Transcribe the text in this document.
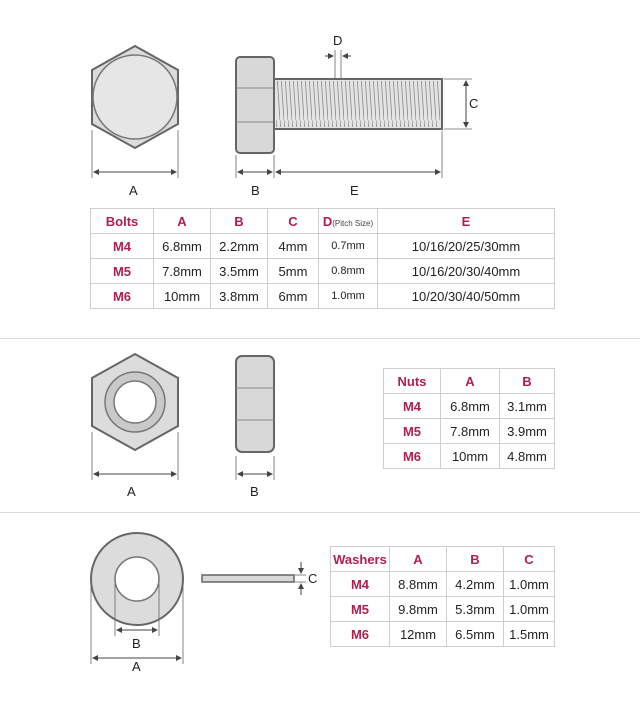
A	B	E
C
D
Bolts	A	B	C	D(Pitch Size)	E
M4	6.8mm	2.2mm	4mm	0.7mm	10/16/20/25/30mm
M5	7.8mm	3.5mm	5mm	0.8mm	10/16/20/30/40mm
M6	10mm	3.8mm	6mm	1.0mm	10/20/30/40/50mm
A	B
Nuts	A	B
M4	6.8mm	3.1mm
M5	7.8mm	3.9mm
M6	10mm	4.8mm
B
A
C
Washers	A	B	C
M4	8.8mm	4.2mm	1.0mm
M5	9.8mm	5.3mm	1.0mm
M6	12mm	6.5mm	1.5mm
